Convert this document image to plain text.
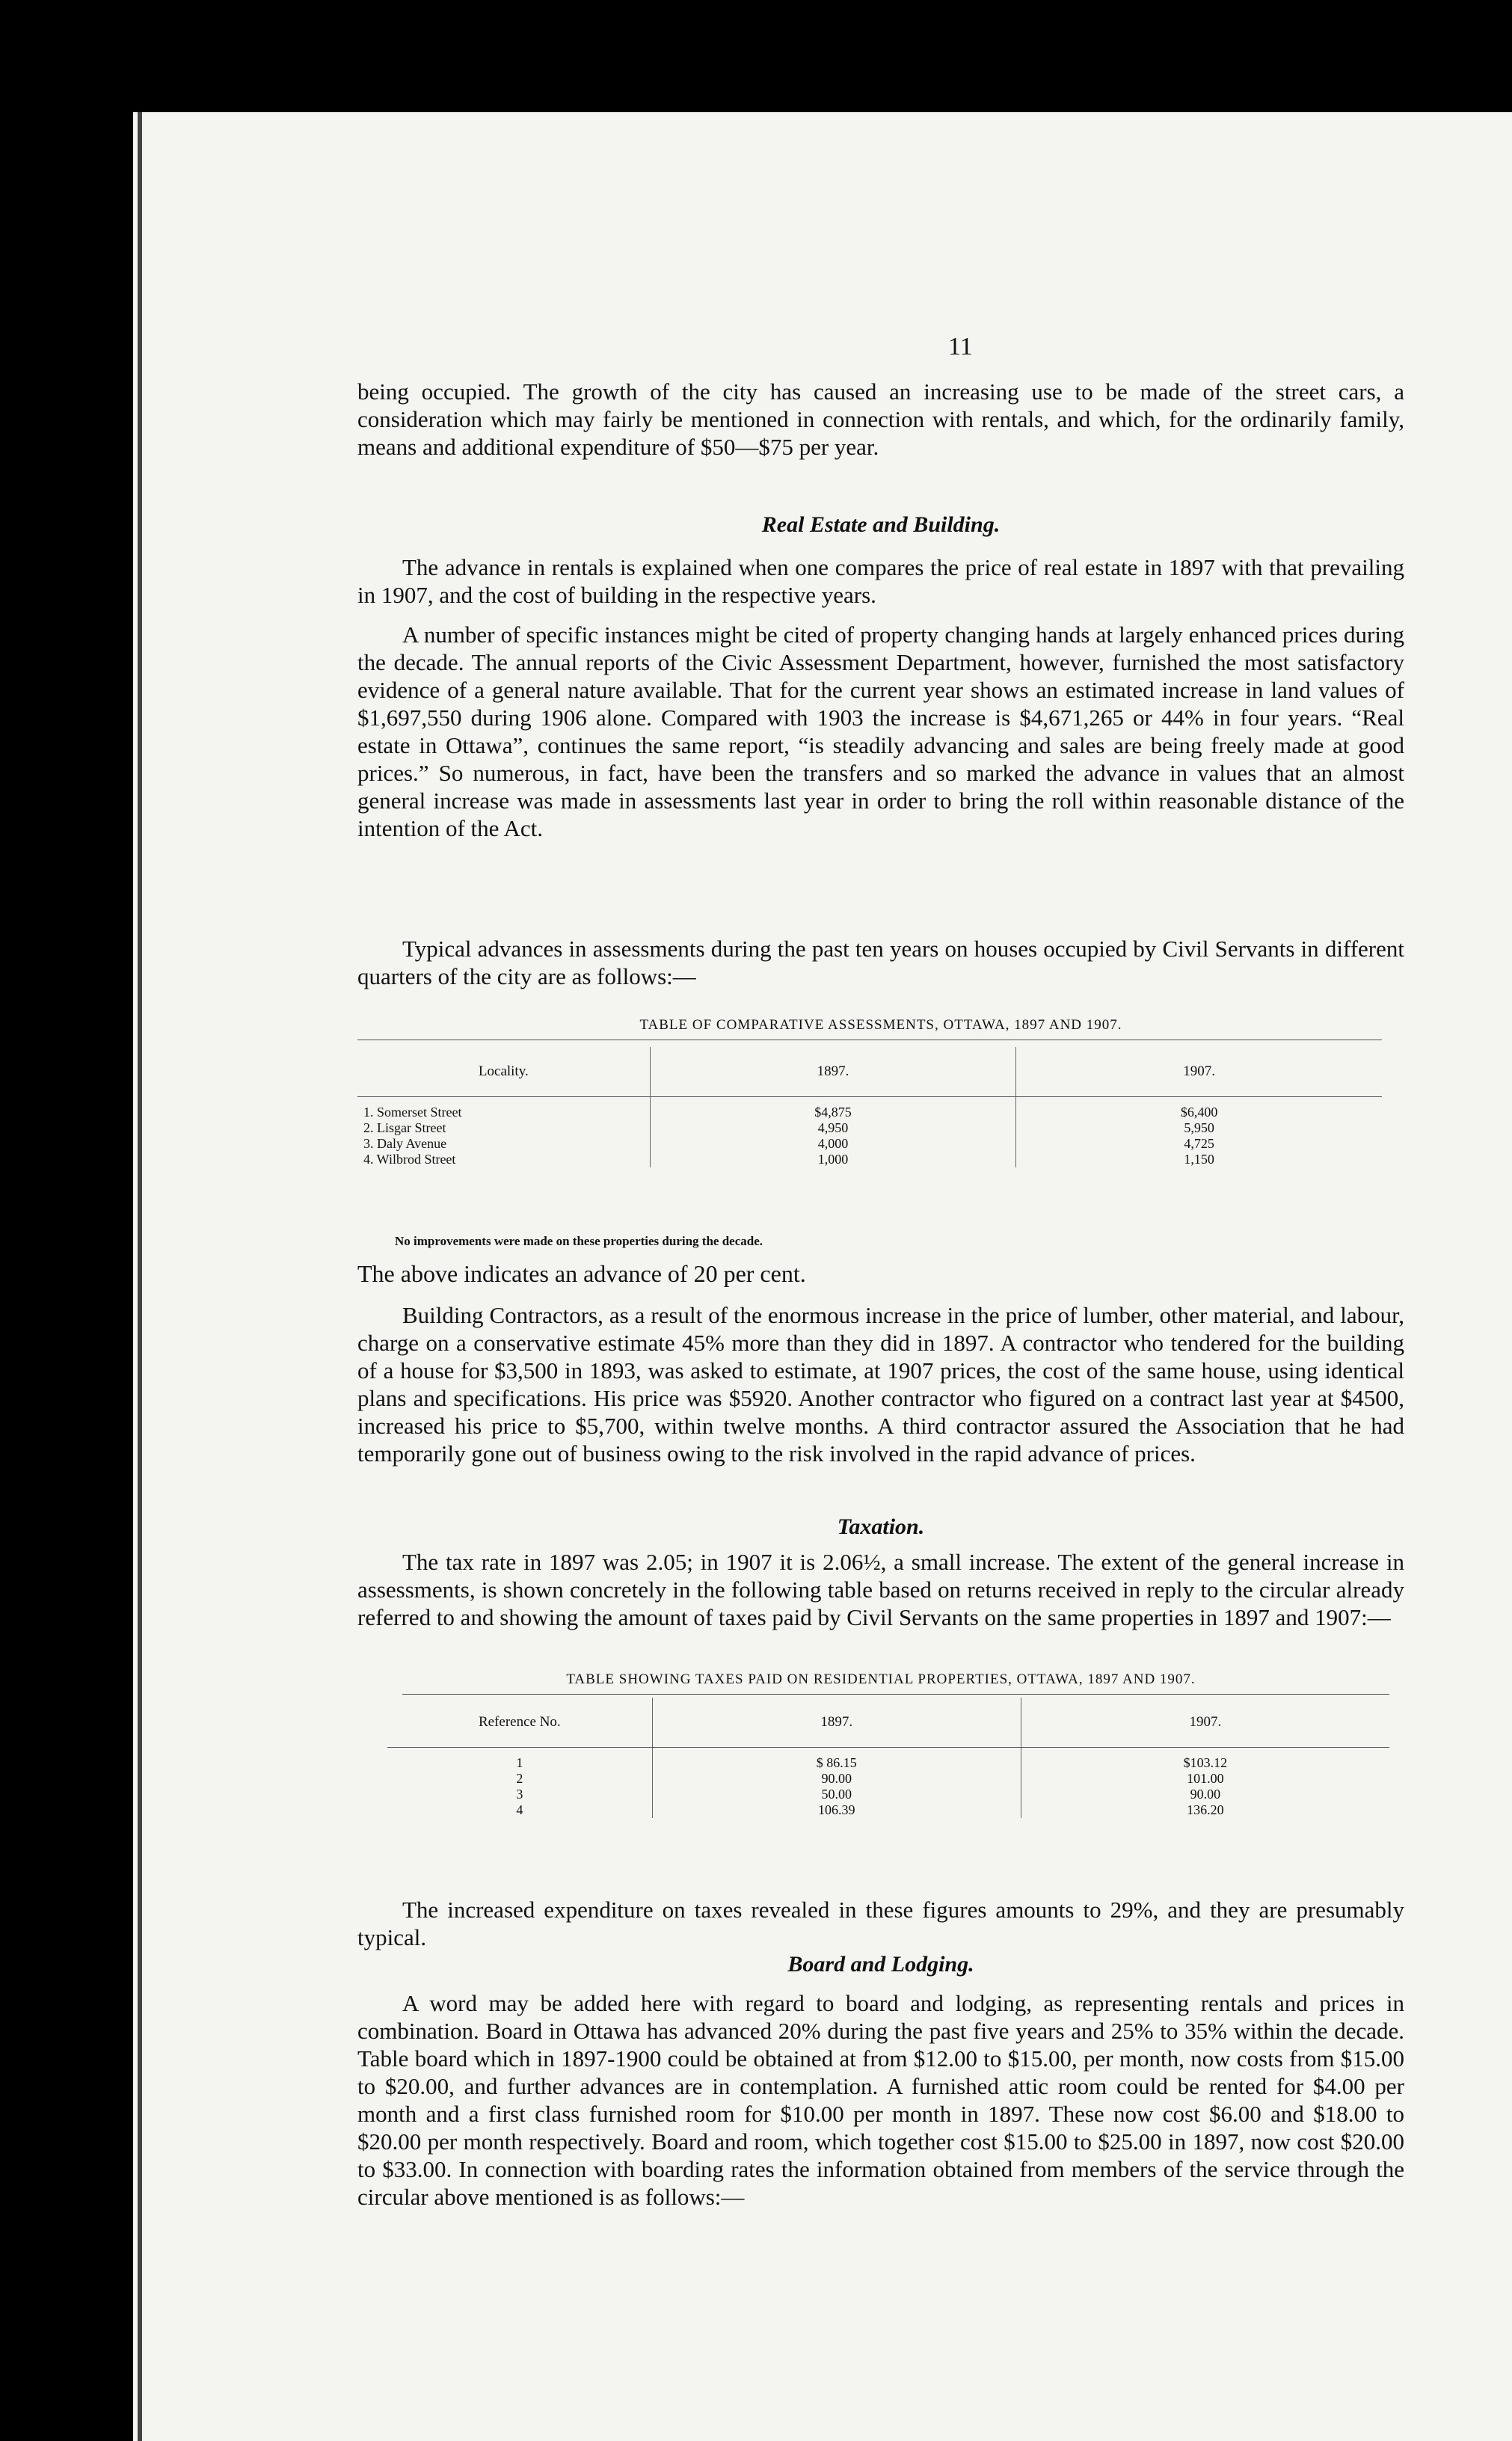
11

being occupied. The growth of the city has caused an increasing use to be made of the street cars, a consideration which may fairly be mentioned in connection with rentals, and which, for the ordinarily family, means and additional expenditure of $50—$75 per year.

Real Estate and Building.

The advance in rentals is explained when one compares the price of real estate in 1897 with that prevailing in 1907, and the cost of building in the respective years.

A number of specific instances might be cited of property changing hands at largely enhanced prices during the decade. The annual reports of the Civic Assessment Department, however, furnished the most satisfactory evidence of a general nature available. That for the current year shows an estimated increase in land values of $1,697,550 during 1906 alone. Compared with 1903 the increase is $4,671,265 or 44% in four years. “Real estate in Ottawa”, continues the same report, “is steadily advancing and sales are being freely made at good prices.” So numerous, in fact, have been the transfers and so marked the advance in values that an almost general increase was made in assessments last year in order to bring the roll within reasonable distance of the intention of the Act.

Typical advances in assessments during the past ten years on houses occupied by Civil Servants in different quarters of the city are as follows:—

TABLE OF COMPARATIVE ASSESSMENTS, OTTAWA, 1897 AND 1907.
Locality.	1897.	1907.
1. Somerset Street	$4,875	$6,400
2. Lisgar Street	4,950	5,950
3. Daly Avenue	4,000	4,725
4. Wilbrod Street	1,000	1,150
No improvements were made on these properties during the decade.

The above indicates an advance of 20 per cent.

Building Contractors, as a result of the enormous increase in the price of lumber, other material, and labour, charge on a conservative estimate 45% more than they did in 1897. A contractor who tendered for the building of a house for $3,500 in 1893, was asked to estimate, at 1907 prices, the cost of the same house, using identical plans and specifications. His price was $5920. Another contractor who figured on a contract last year at $4500, increased his price to $5,700, within twelve months. A third contractor assured the Association that he had temporarily gone out of business owing to the risk involved in the rapid advance of prices.

Taxation.

The tax rate in 1897 was 2.05; in 1907 it is 2.06½, a small increase. The extent of the general increase in assessments, is shown concretely in the following table based on returns received in reply to the circular already referred to and showing the amount of taxes paid by Civil Servants on the same properties in 1897 and 1907:—

TABLE SHOWING TAXES PAID ON RESIDENTIAL PROPERTIES, OTTAWA, 1897 AND 1907.
Reference No.	1897.	1907.
1	$ 86.15	$103.12
2	90.00	101.00
3	50.00	90.00
4	106.39	136.20

The increased expenditure on taxes revealed in these figures amounts to 29%, and they are presumably typical.

Board and Lodging.

A word may be added here with regard to board and lodging, as representing rentals and prices in combination. Board in Ottawa has advanced 20% during the past five years and 25% to 35% within the decade. Table board which in 1897-1900 could be obtained at from $12.00 to $15.00, per month, now costs from $15.00 to $20.00, and further advances are in contemplation. A furnished attic room could be rented for $4.00 per month and a first class furnished room for $10.00 per month in 1897. These now cost $6.00 and $18.00 to $20.00 per month respectively. Board and room, which together cost $15.00 to $25.00 in 1897, now cost $20.00 to $33.00. In connection with boarding rates the information obtained from members of the service through the circular above mentioned is as follows:—
